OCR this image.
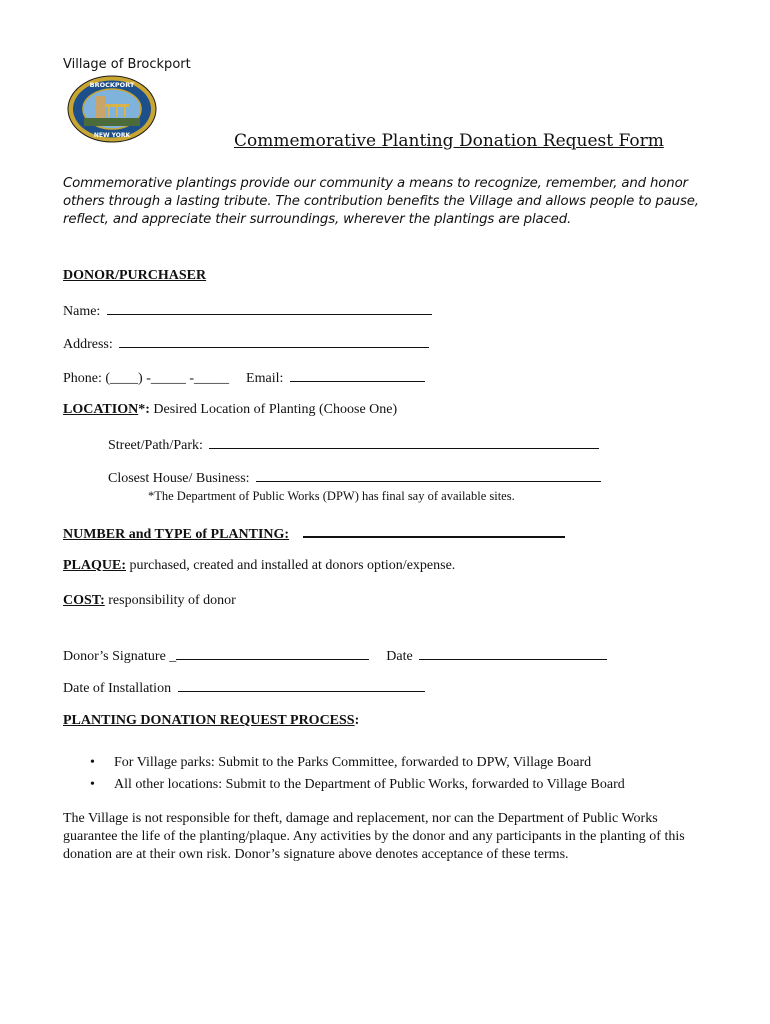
Village of Brockport
BROCKPORT
NEW YORK	Commemorative Planting Donation Request Form
Commemorative plantings provide our community a means to recognize, remember, and honor others through a lasting tribute. The contribution benefits the Village and allows people to pause, reflect, and appreciate their surroundings, wherever the plantings are placed.
DONOR/PURCHASER
Name:
Address:
Phone: (____) -_____ -_____ Email:
LOCATION*: Desired Location of Planting (Choose One)
Street/Path/Park:
Closest House/ Business:
*The Department of Public Works (DPW) has final say of available sites.
NUMBER and TYPE of PLANTING:
PLAQUE: purchased, created and installed at donors option/expense.
COST: responsibility of donor
Donor’s Signature _	Date
Date of Installation
PLANTING DONATION REQUEST PROCESS:
• For Village parks: Submit to the Parks Committee, forwarded to DPW, Village Board
• All other locations: Submit to the Department of Public Works, forwarded to Village Board
The Village is not responsible for theft, damage and replacement, nor can the Department of Public Works guarantee the life of the planting/plaque. Any activities by the donor and any participants in the planting of this donation are at their own risk. Donor’s signature above denotes acceptance of these terms.
